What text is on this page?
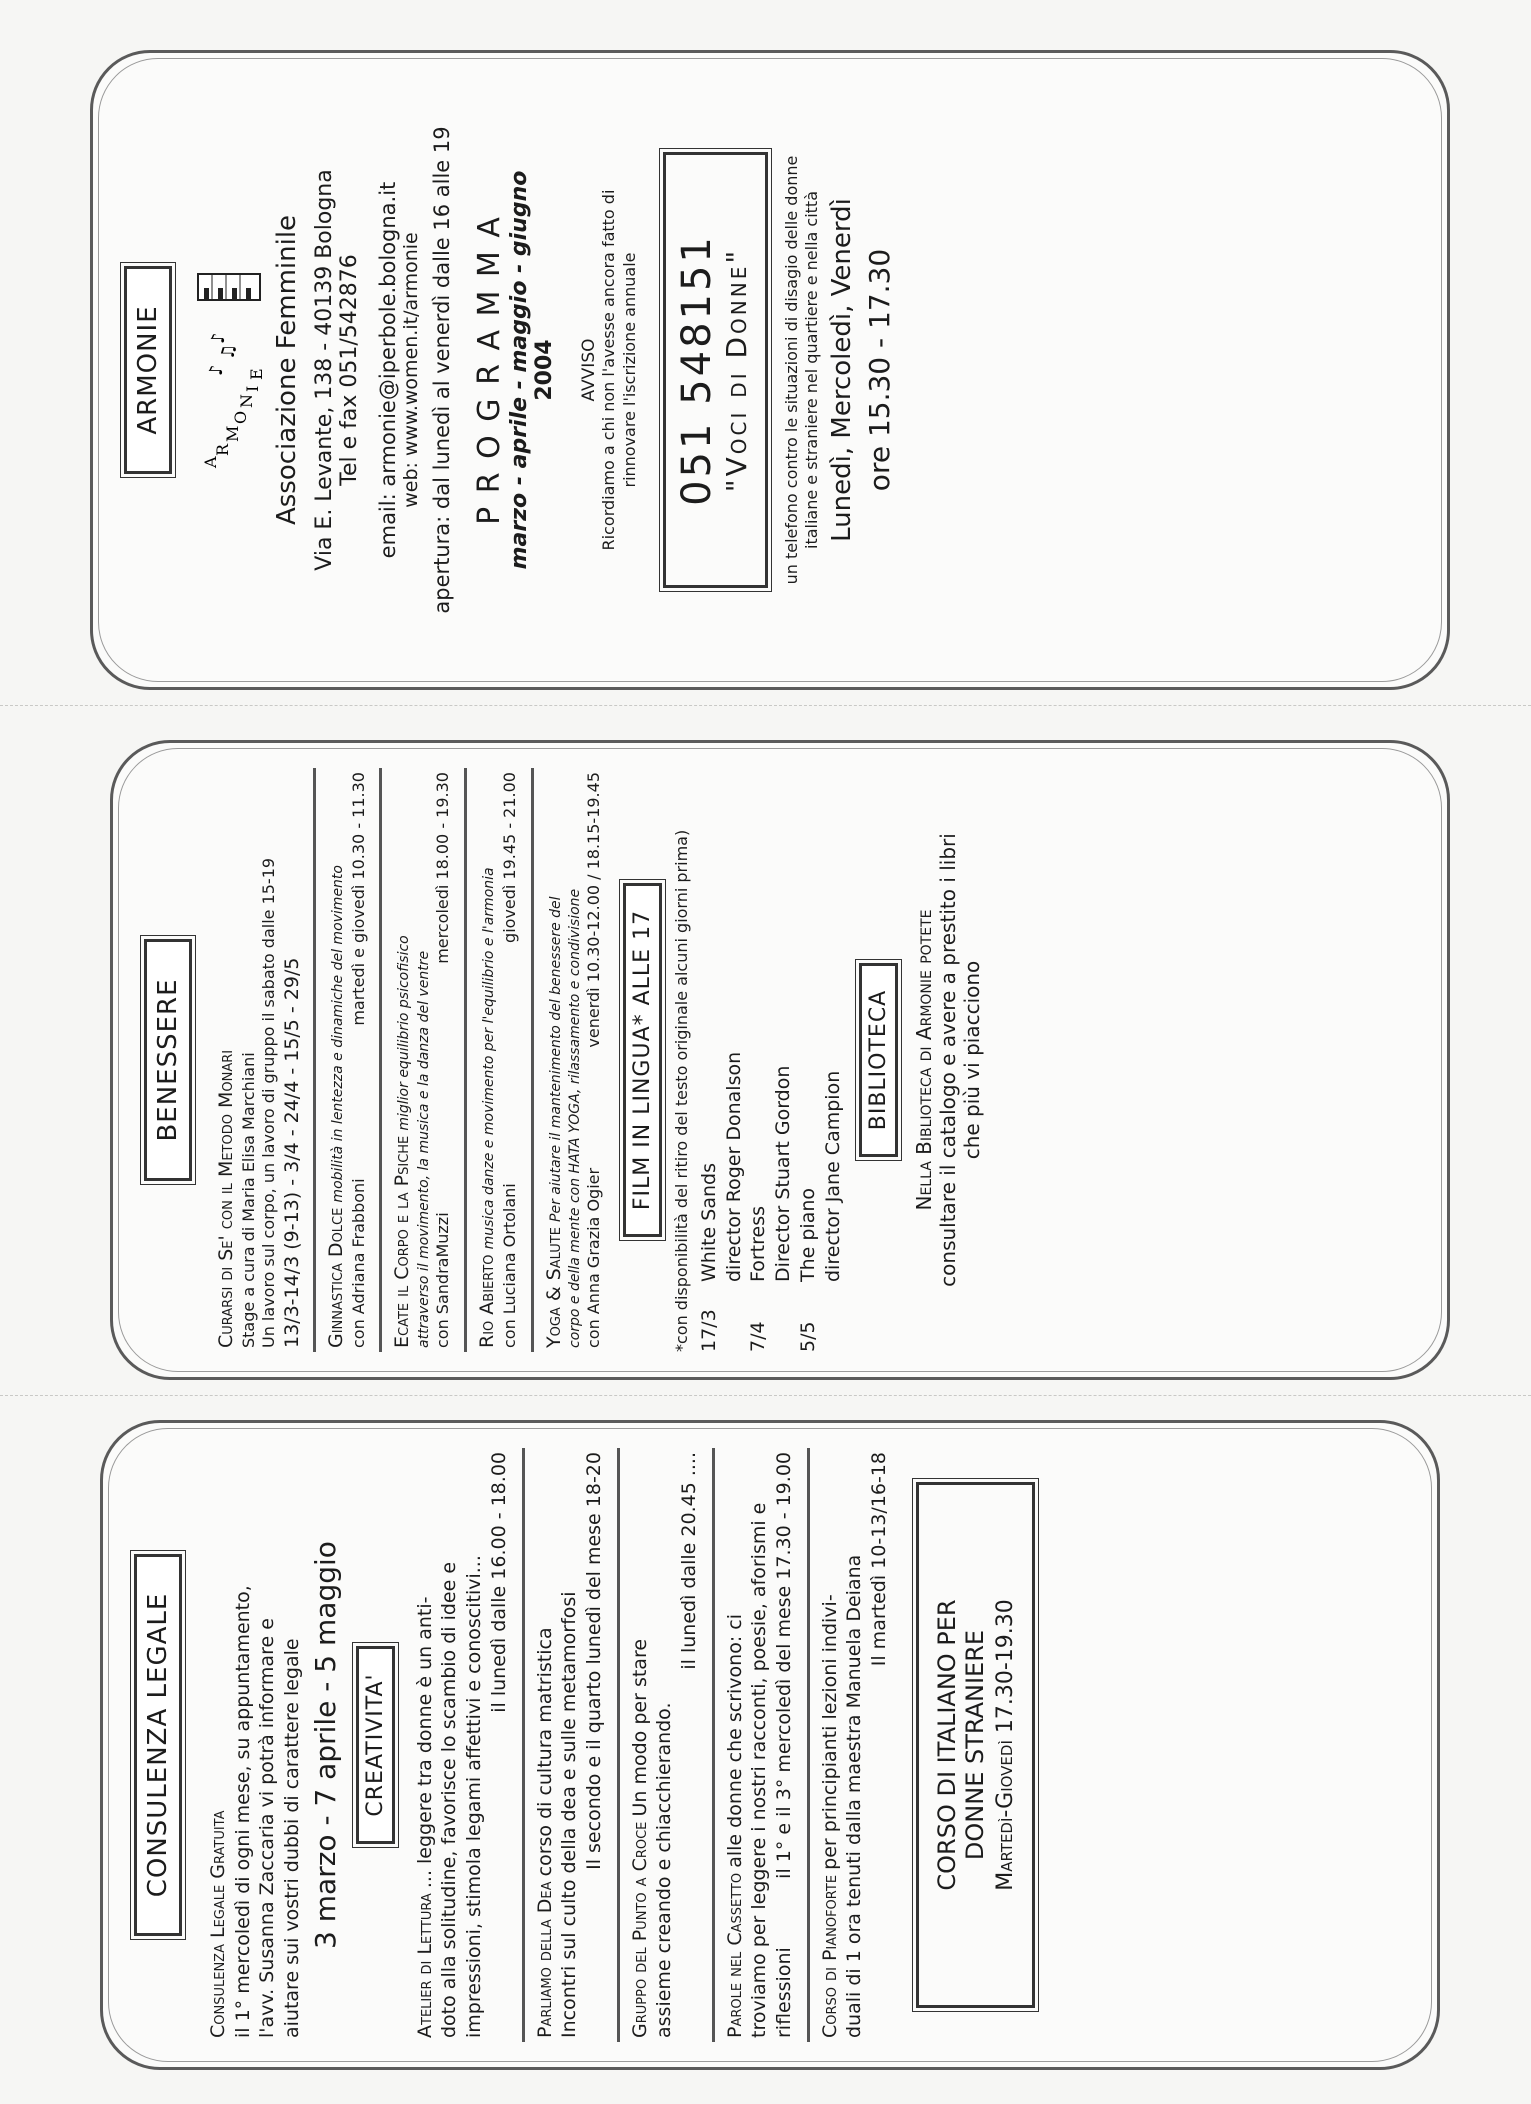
ARMONIE
A
R
M
O
N
I
E
♪
♫
♪ Associazione Femminile Via E. Levante, 138 - 40139 Bologna Tel e fax 051/542876 email: armonie@iperbole.bologna.it web: www.women.it/armonie apertura: dal lunedì al venerdì dalle 16 alle 19 P R O G R A M M A marzo - aprile - maggio - giugno 2004 AVVISO Ricordiamo a chi non l'avesse ancora fatto di rinnovare l'iscrizione annuale 051 548151 "Voci di Donne" un telefono contro le situazioni di disagio delle donne italiane e straniere nel quartiere e nella città Lunedì, Mercoledì, Venerdì ore 15.30 - 17.30
BENESSERE	Curarsi di Se' con il Metodo Monari Stage a cura di Maria Elisa Marchiani Un lavoro sul corpo, un lavoro di gruppo il sabato dalle 15-19 13/3-14/3 (9-13) - 3/4 - 24/4 - 15/5 - 29/5	Ginnastica Dolce mobilità in lentezza e dinamiche del movimento
con Adriana Frabboni
martedì e giovedì 10.30 - 11.30
Ecate il Corpo e la Psiche miglior equilibrio psicofisico attraverso il movimento, la musica e la danza del ventre con SandraMuzzi
mercoledì 18.00 - 19.30
Rio Abierto musica danze e movimento per l'equilibrio e l'armonia
con Luciana Ortolani
giovedì 19.45 - 21.00
Yoga & Salute Per aiutare il mantenimento del benessere del corpo e della mente con HATA YOGA, rilassamento e condivisione con Anna Grazia Ogier
venerdì 10.30-12.00 / 18.15-19.45
FILM IN LINGUA* ALLE 17	*con disponibilità del ritiro del testo originale alcuni giorni prima) 17/3
White Sands director Roger Donalson
7/4
Fortress Director Stuart Gordon
5/5
The piano director Jane Campion
BIBLIOTECA	Nella Biblioteca di Armonie potete consultare il catalogo e avere a prestito i libri che più vi piacciono
CONSULENZA LEGALE
Consulenza Legale Gratuita il 1° mercoledì di ogni mese, su appuntamento, l'avv. Susanna Zaccaria vi potrà informare e aiutare sui vostri dubbi di carattere legale 3 marzo - 7 aprile - 5 maggio CREATIVITA'
Atelier di Lettura ... leggere tra donne è un anti- doto alla solitudine, favorisce lo scambio di idee e impressioni, stimola legami affettivi e conoscitivi... il lunedì dalle 16.00 - 18.00
Parliamo della Dea corso di cultura matristica Incontri sul culto della dea e sulle metamorfosi Il secondo e il quarto lunedì del mese 18-20
Gruppo del Punto a Croce Un modo per stare assieme creando e chiacchierando.
il lunedì dalle 20.45 ....
Parole nel Cassetto alle donne che scrivono: ci troviamo per leggere i nostri racconti, poesie, aforismi e riflessioni
il 1° e il 3° mercoledì del mese 17.30 - 19.00
Corso di Pianoforte per principianti lezioni indivi- duali di 1 ora tenuti dalla maestra Manuela Deiana Il martedì 10-13/16-18
CORSO DI ITALIANO PER DONNE STRANIERE Martedì-Giovedì 17.30-19.30
